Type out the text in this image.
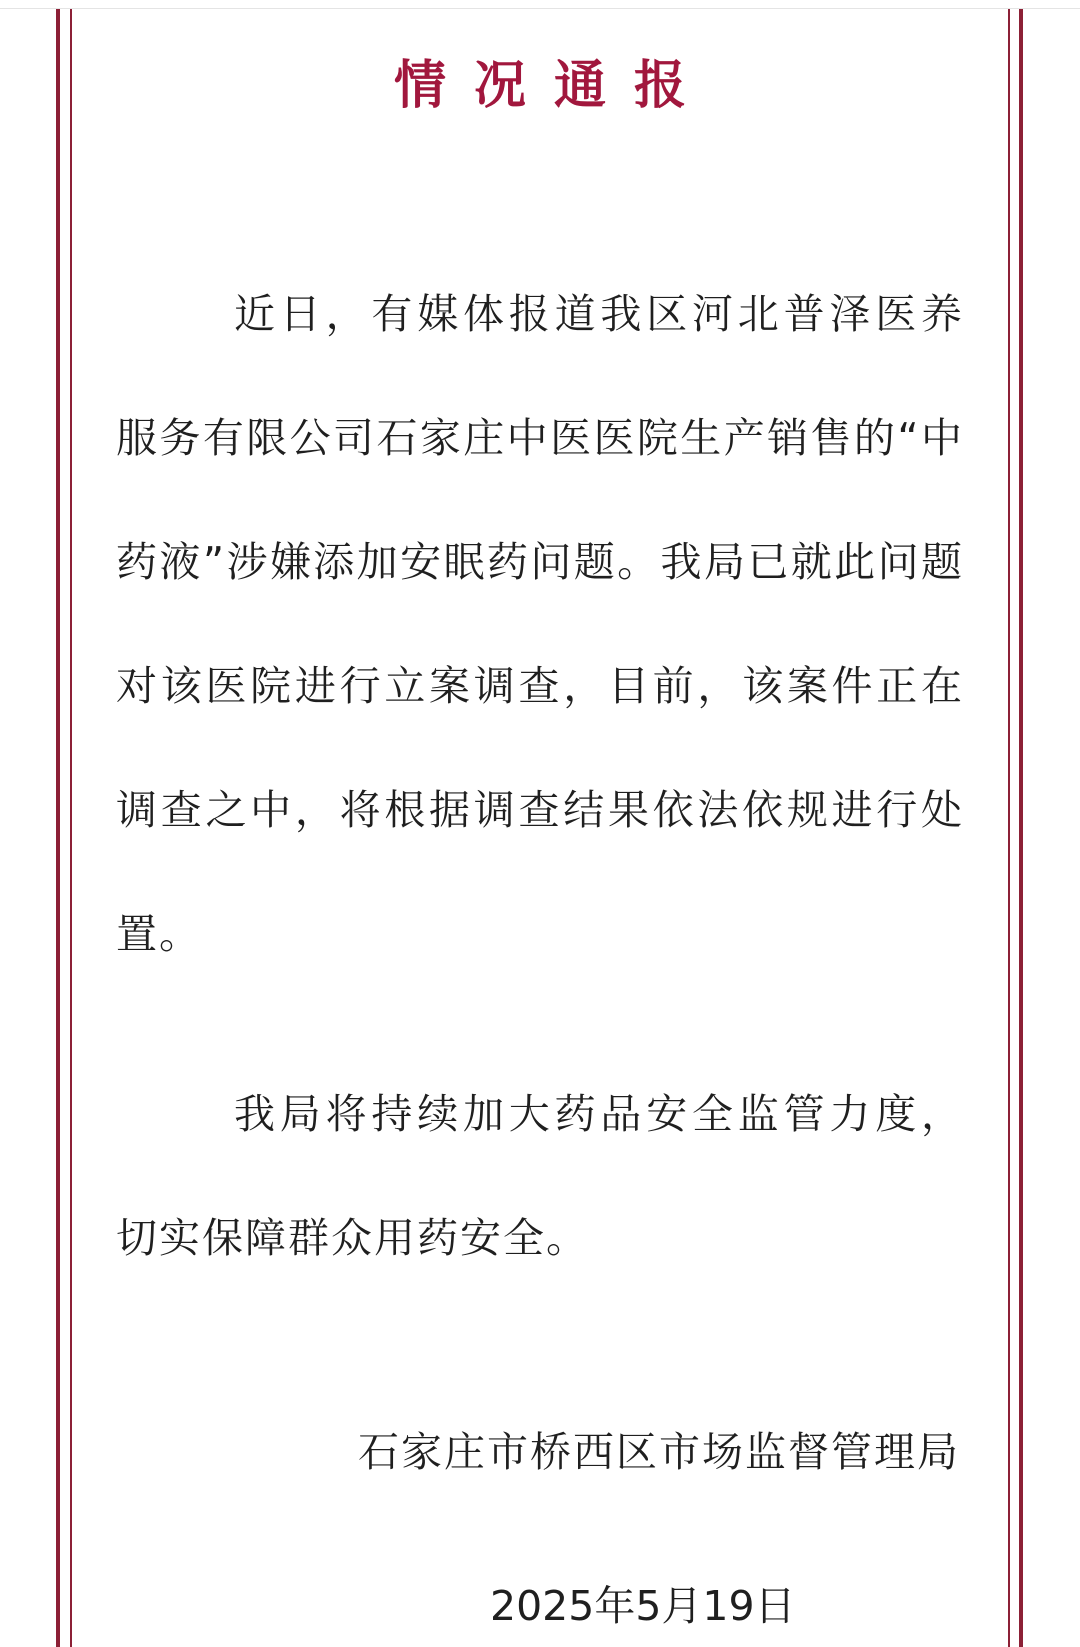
情况通报

近日，有媒体报道我区河北普泽医养服务有限公司石家庄中医医院生产销售的“中药液”涉嫌添加安眠药问题。我局已就此问题对该医院进行立案调查，目前，该案件正在调查之中，将根据调查结果依法依规进行处置。

我局将持续加大药品安全监管力度，切实保障群众用药安全。

石家庄市桥西区市场监督管理局
2025年5月19日
